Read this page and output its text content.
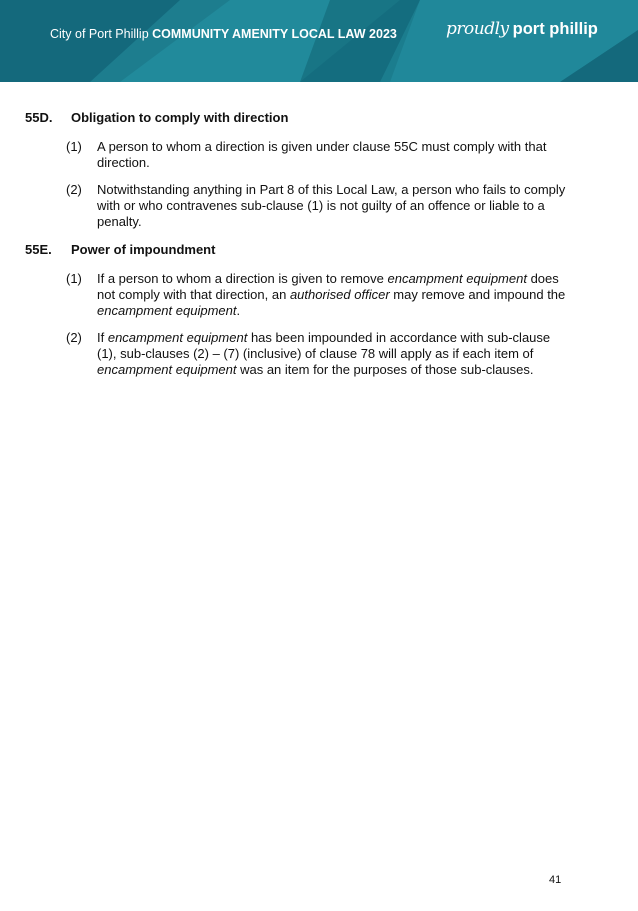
City of Port Phillip COMMUNITY AMENITY LOCAL LAW 2023	proudly port phillip
55D. Obligation to comply with direction
(1) A person to whom a direction is given under clause 55C must comply with that direction.
(2) Notwithstanding anything in Part 8 of this Local Law, a person who fails to comply with or who contravenes sub-clause (1) is not guilty of an offence or liable to a penalty.
55E. Power of impoundment
(1) If a person to whom a direction is given to remove encampment equipment does not comply with that direction, an authorised officer may remove and impound the encampment equipment.
(2) If encampment equipment has been impounded in accordance with sub-clause (1), sub-clauses (2) – (7) (inclusive) of clause 78 will apply as if each item of encampment equipment was an item for the purposes of those sub-clauses.
41
